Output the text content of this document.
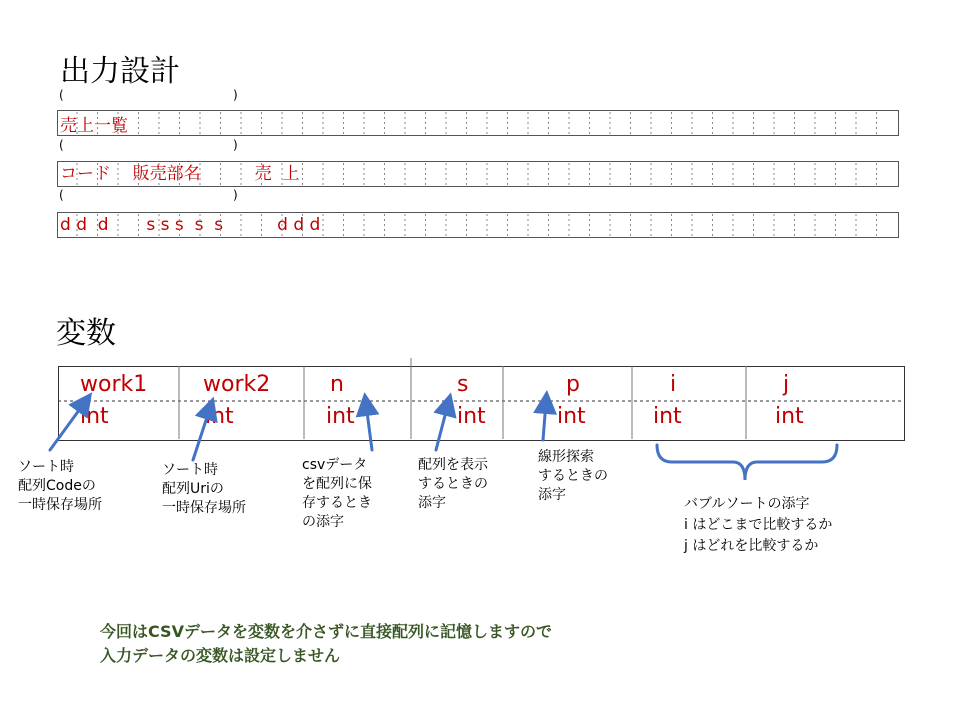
出力設計
(	)
売上一覧
(	)
コード    販売部名          売  上
(	)
d d  d       s s s  s  s          d d d
変数
work1	work2	n	s	p	i	j
int	int	int	int	int	int	int
ソート時
配列Codeの
一時保存場所
ソート時
配列Uriの
一時保存場所
csvデータ
を配列に保
存するとき
の添字
配列を表示
するときの
添字
線形探索
するときの
添字
バブルソートの添字
i はどこまで比較するか
j はどれを比較するか
今回はCSVデータを変数を介さずに直接配列に記憶しますので
入力データの変数は設定しません
